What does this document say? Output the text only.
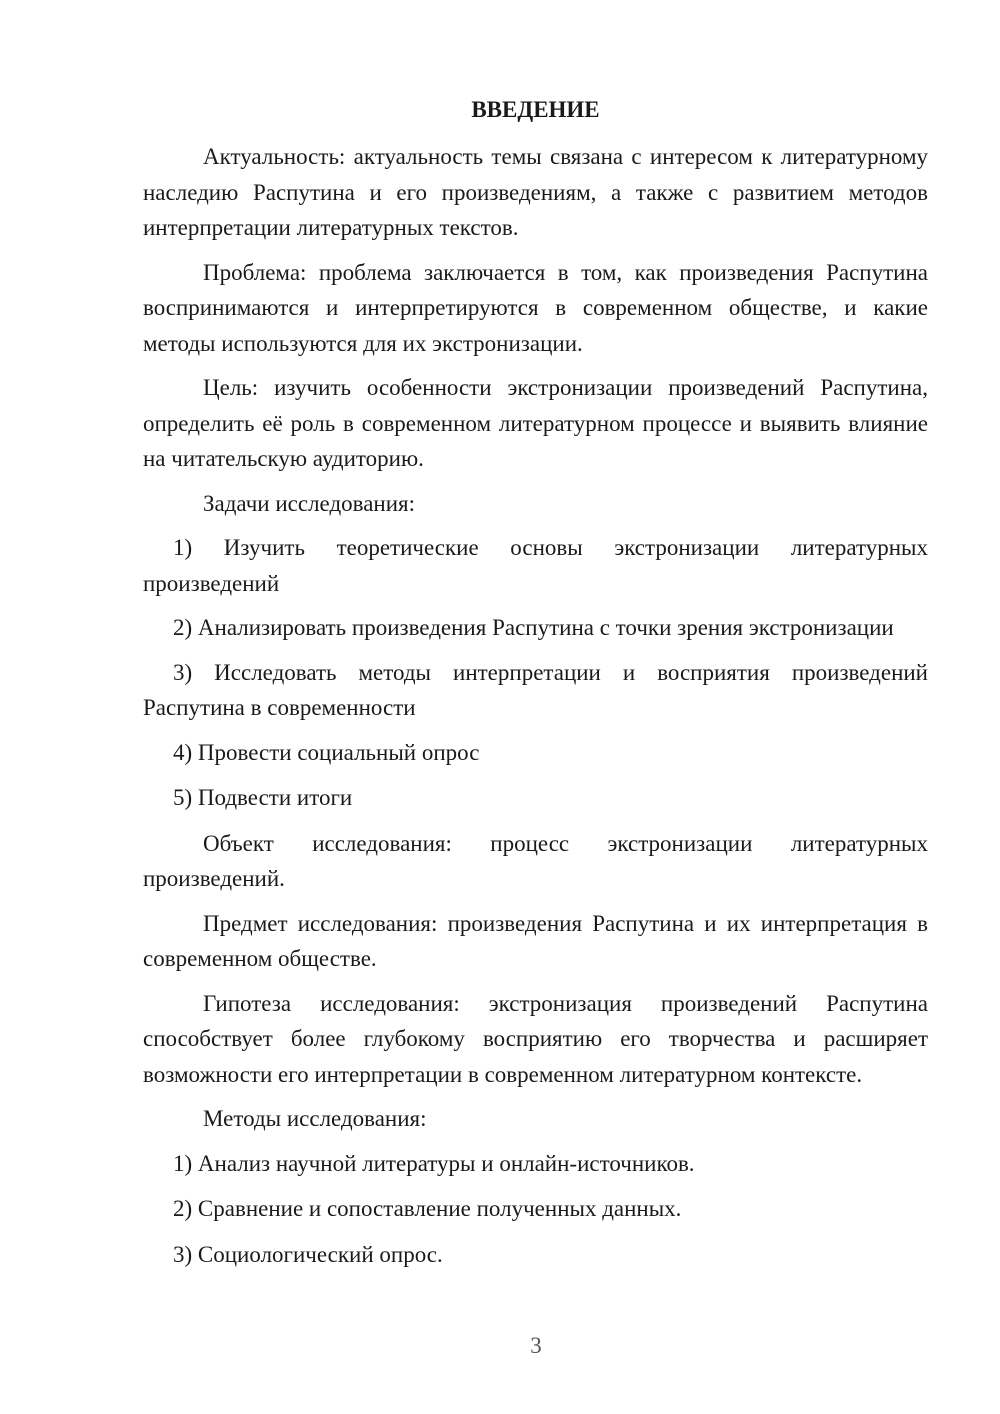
ВВЕДЕНИЕ

Актуальность: актуальность темы связана с интересом к литературному наследию Распутина и его произведениям, а также с развитием методов интерпретации литературных текстов.

Проблема: проблема заключается в том, как произведения Распутина воспринимаются и интерпретируются в современном обществе, и какие методы используются для их экстронизации.

Цель: изучить особенности экстронизации произведений Распутина, определить её роль в современном литературном процессе и выявить влияние на читательскую аудиторию.

Задачи исследования:

1) Изучить теоретические основы экстронизации литературных произведений

2) Анализировать произведения Распутина с точки зрения экстронизации

3) Исследовать методы интерпретации и восприятия произведений Распутина в современности

4) Провести социальный опрос

5) Подвести итоги

Объект исследования: процесс экстронизации литературных произведений.

Предмет исследования: произведения Распутина и их интерпретация в современном обществе.

Гипотеза исследования: экстронизация произведений Распутина способствует более глубокому восприятию его творчества и расширяет возможности его интерпретации в современном литературном контексте.

Методы исследования:

1) Анализ научной литературы и онлайн-источников.

2) Сравнение и сопоставление полученных данных.

3) Социологический опрос.

3
